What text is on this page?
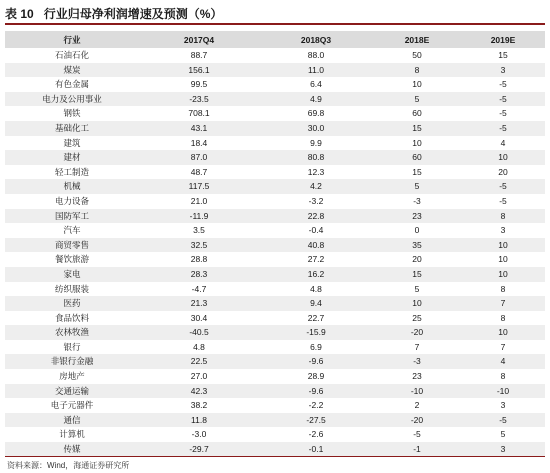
表 10 行业归母净利润增速及预测（%）
行业	2017Q4	2018Q3	2018E	2019E
石油石化	88.7	88.0	50	15
煤炭	156.1	11.0	8	3
有色金属	99.5	6.4	10	-5
电力及公用事业	-23.5	4.9	5	-5
钢铁	708.1	69.8	60	-5
基础化工	43.1	30.0	15	-5
建筑	18.4	9.9	10	4
建材	87.0	80.8	60	10
轻工制造	48.7	12.3	15	20
机械	117.5	4.2	5	-5
电力设备	21.0	-3.2	-3	-5
国防军工	-11.9	22.8	23	8
汽车	3.5	-0.4	0	3
商贸零售	32.5	40.8	35	10
餐饮旅游	28.8	27.2	20	10
家电	28.3	16.2	15	10
纺织服装	-4.7	4.8	5	8
医药	21.3	9.4	10	7
食品饮料	30.4	22.7	25	8
农林牧渔	-40.5	-15.9	-20	10
银行	4.8	6.9	7	7
非银行金融	22.5	-9.6	-3	4
房地产	27.0	28.9	23	8
交通运输	42.3	-9.6	-10	-10
电子元器件	38.2	-2.2	2	3
通信	11.8	-27.5	-20	-5
计算机	-3.0	-2.6	-5	5
传媒	-29.7	-0.1	-1	3
资料来源：Wind，海通证券研究所
